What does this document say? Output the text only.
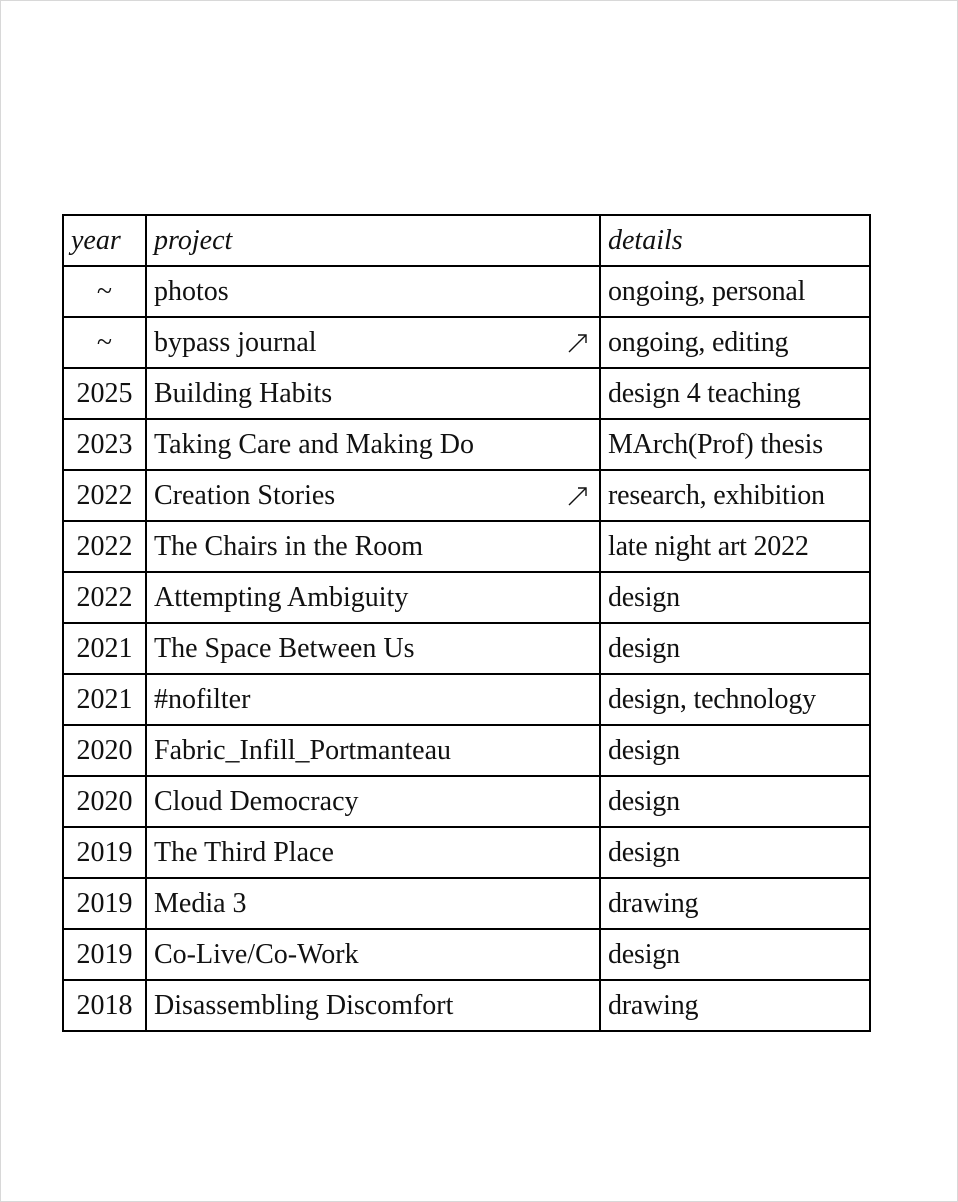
year	project	details
~	photos	ongoing, personal
~	bypass journal	ongoing, editing
2025	Building Habits	design 4 teaching
2023	Taking Care and Making Do	MArch(Prof) thesis
2022	Creation Stories	research, exhibition
2022	The Chairs in the Room	late night art 2022
2022	Attempting Ambiguity	design
2021	The Space Between Us	design
2021	#nofilter	design, technology
2020	Fabric_Infill_Portmanteau	design
2020	Cloud Democracy	design
2019	The Third Place	design
2019	Media 3	drawing
2019	Co-Live/Co-Work	design
2018	Disassembling Discomfort	drawing
